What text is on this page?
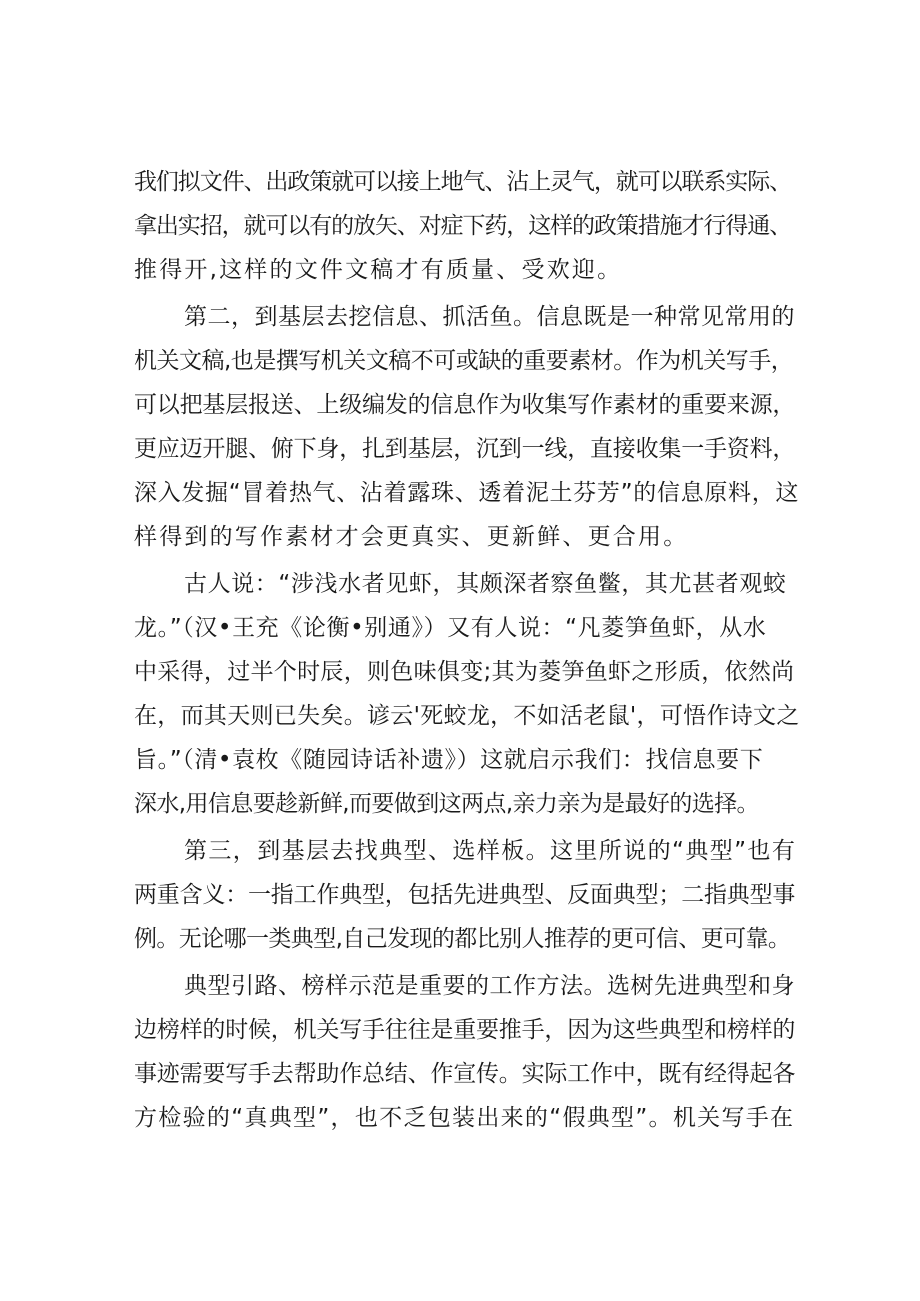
我们拟文件、出政策就可以接上地气、沾上灵气，就可以联系实际、
拿出实招，就可以有的放矢、对症下药，这样的政策措施才行得通、
推得开,这样的文件文稿才有质量、受欢迎。
第二，到基层去挖信息、抓活鱼。信息既是一种常见常用的
机关文稿,也是撰写机关文稿不可或缺的重要素材。作为机关写手，
可以把基层报送、上级编发的信息作为收集写作素材的重要来源，
更应迈开腿、俯下身，扎到基层，沉到一线，直接收集一手资料，
深入发掘“冒着热气、沾着露珠、透着泥土芬芳”的信息原料，这
样得到的写作素材才会更真实、更新鲜、更合用。
古人说：“涉浅水者见虾，其颇深者察鱼鳖，其尤甚者观蛟
龙。”（汉•王充《论衡•别通》）又有人说：“凡菱笋鱼虾，从水
中采得，过半个时辰，则色味俱变;其为菱笋鱼虾之形质，依然尚
在，而其天则已失矣。谚云'死蛟龙，不如活老鼠'，可悟作诗文之
旨。”（清•袁枚《随园诗话补遗》）这就启示我们：找信息要下
深水,用信息要趁新鲜,而要做到这两点,亲力亲为是最好的选择。
第三，到基层去找典型、选样板。这里所说的“典型”也有
两重含义：一指工作典型，包括先进典型、反面典型；二指典型事
例。无论哪一类典型,自己发现的都比别人推荐的更可信、更可靠。
典型引路、榜样示范是重要的工作方法。选树先进典型和身
边榜样的时候，机关写手往往是重要推手，因为这些典型和榜样的
事迹需要写手去帮助作总结、作宣传。实际工作中，既有经得起各
方检验的“真典型”，也不乏包装出来的“假典型”。机关写手在
